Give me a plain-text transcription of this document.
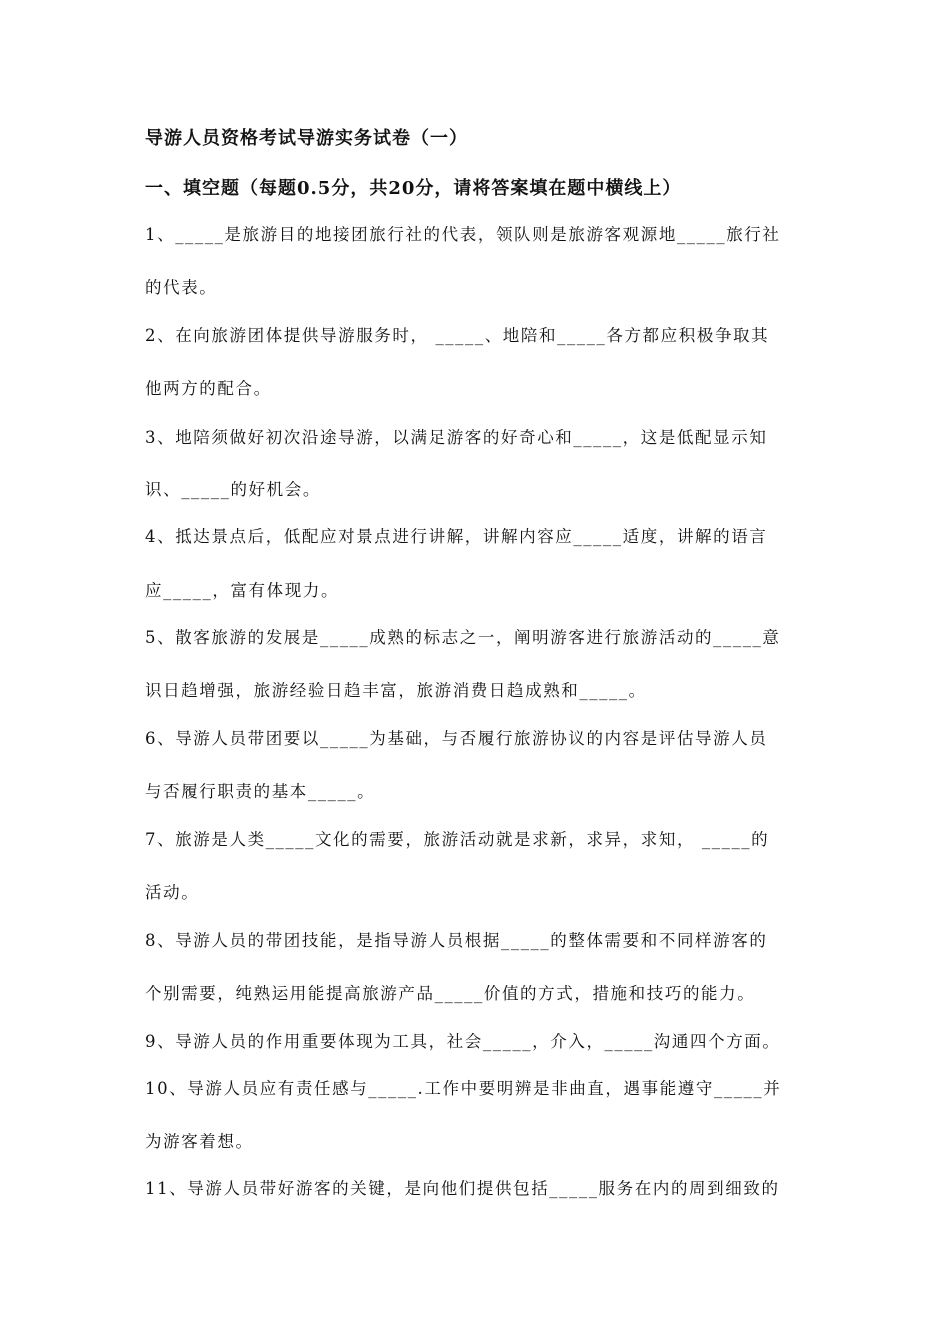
导游人员资格考试导游实务试卷（一）
一、填空题（每题0.5分，共20分，请将答案填在题中横线上）
1、_____是旅游目的地接团旅行社的代表，领队则是旅游客观源地_____旅行社
的代表。
2、在向旅游团体提供导游服务时， _____、地陪和_____各方都应积极争取其
他两方的配合。
3、地陪须做好初次沿途导游，以满足游客的好奇心和_____，这是低配显示知
识、_____的好机会。
4、抵达景点后，低配应对景点进行讲解，讲解内容应_____适度，讲解的语言
应_____，富有体现力。
5、散客旅游的发展是_____成熟的标志之一，阐明游客进行旅游活动的_____意
识日趋增强，旅游经验日趋丰富，旅游消费日趋成熟和_____。
6、导游人员带团要以_____为基础，与否履行旅游协议的内容是评估导游人员
与否履行职责的基本_____。
7、旅游是人类_____文化的需要，旅游活动就是求新，求异，求知， _____的
活动。
8、导游人员的带团技能，是指导游人员根据_____的整体需要和不同样游客的
个别需要，纯熟运用能提高旅游产品_____价值的方式，措施和技巧的能力。
9、导游人员的作用重要体现为工具，社会_____，介入，_____沟通四个方面。
10、导游人员应有责任感与_____.工作中要明辨是非曲直，遇事能遵守_____并
为游客着想。
11、导游人员带好游客的关键，是向他们提供包括_____服务在内的周到细致的
